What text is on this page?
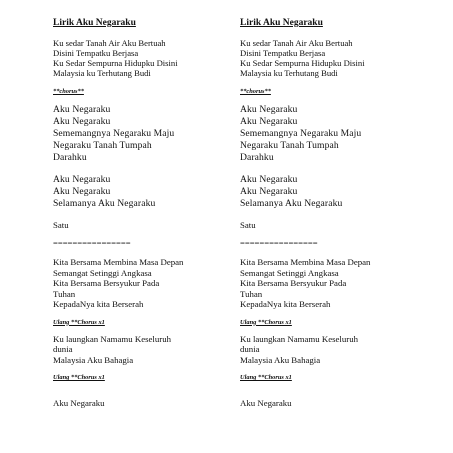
Lirik Aku Negaraku
Ku sedar Tanah Air Aku Bertuah
Disini Tempatku Berjasa
Ku Sedar Sempurna Hidupku Disini
Malaysia ku Terhutang Budi
**chorus**
Aku Negaraku
Aku Negaraku
Sememangnya Negaraku Maju
Negaraku Tanah Tumpah
Darahku
Aku Negaraku
Aku Negaraku
Selamanya Aku Negaraku
Satu
================
Kita Bersama Membina Masa Depan
Semangat Setinggi Angkasa
Kita Bersama Bersyukur Pada
Tuhan
KepadaNya kita Berserah
Ulang **Chorus x1
Ku laungkan Namamu Keseluruh
dunia
Malaysia Aku Bahagia
Ulang **Chorus x1
Aku Negaraku
Lirik Aku Negaraku
Ku sedar Tanah Air Aku Bertuah
Disini Tempatku Berjasa
Ku Sedar Sempurna Hidupku Disini
Malaysia ku Terhutang Budi
**chorus**
Aku Negaraku
Aku Negaraku
Sememangnya Negaraku Maju
Negaraku Tanah Tumpah
Darahku
Aku Negaraku
Aku Negaraku
Selamanya Aku Negaraku
Satu
================
Kita Bersama Membina Masa Depan
Semangat Setinggi Angkasa
Kita Bersama Bersyukur Pada
Tuhan
KepadaNya kita Berserah
Ulang **Chorus x1
Ku laungkan Namamu Keseluruh
dunia
Malaysia Aku Bahagia
Ulang **Chorus x1
Aku Negaraku
